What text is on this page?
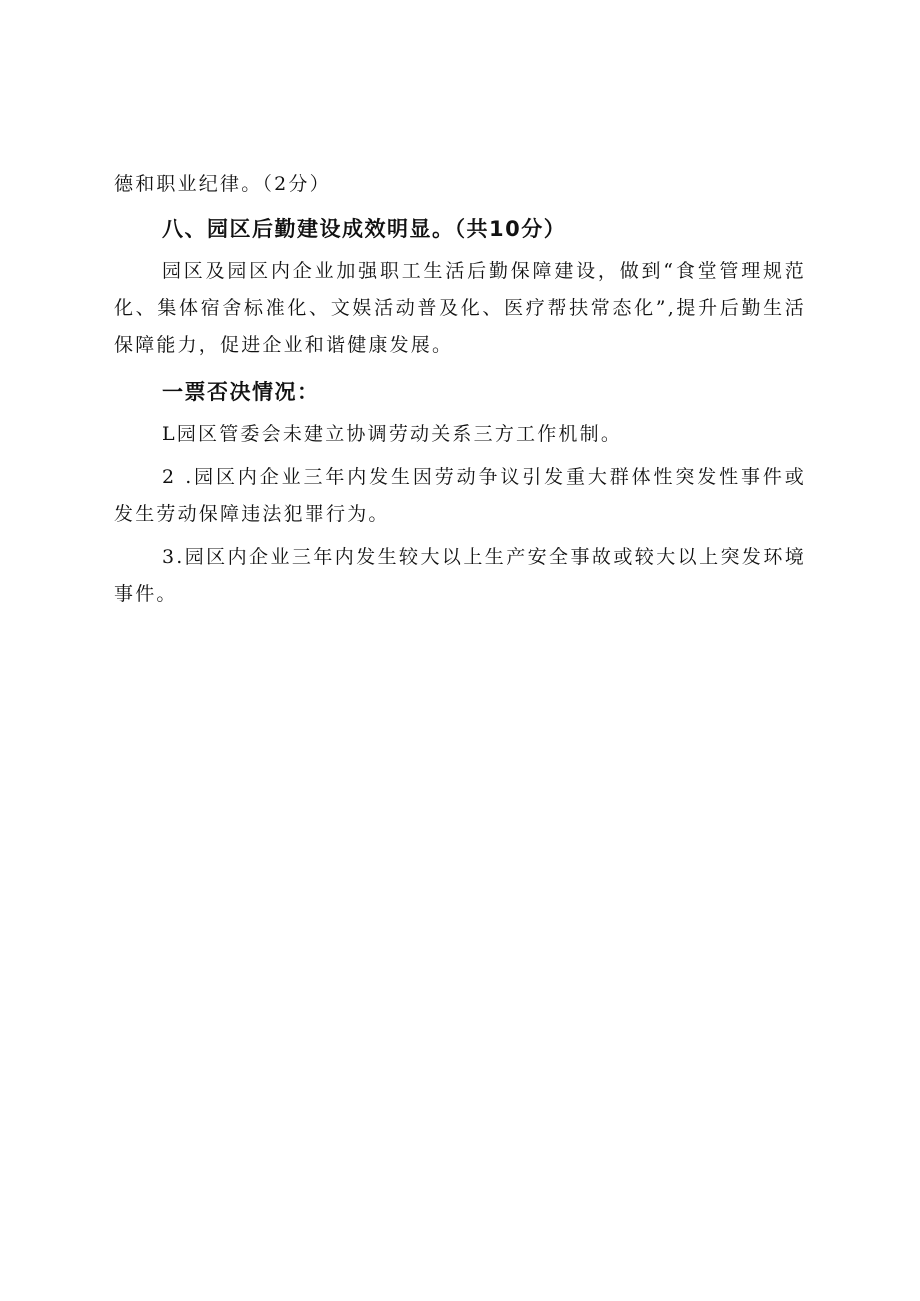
德和职业纪律。（2分）

八、园区后勤建设成效明显。（共10分）

园区及园区内企业加强职工生活后勤保障建设，做到“食堂管理规范化、集体宿舍标准化、文娱活动普及化、医疗帮扶常态化”,提升后勤生活保障能力，促进企业和谐健康发展。

一票否决情况：

L园区管委会未建立协调劳动关系三方工作机制。

2 .园区内企业三年内发生因劳动争议引发重大群体性突发性事件或发生劳动保障违法犯罪行为。

3.园区内企业三年内发生较大以上生产安全事故或较大以上突发环境事件。
